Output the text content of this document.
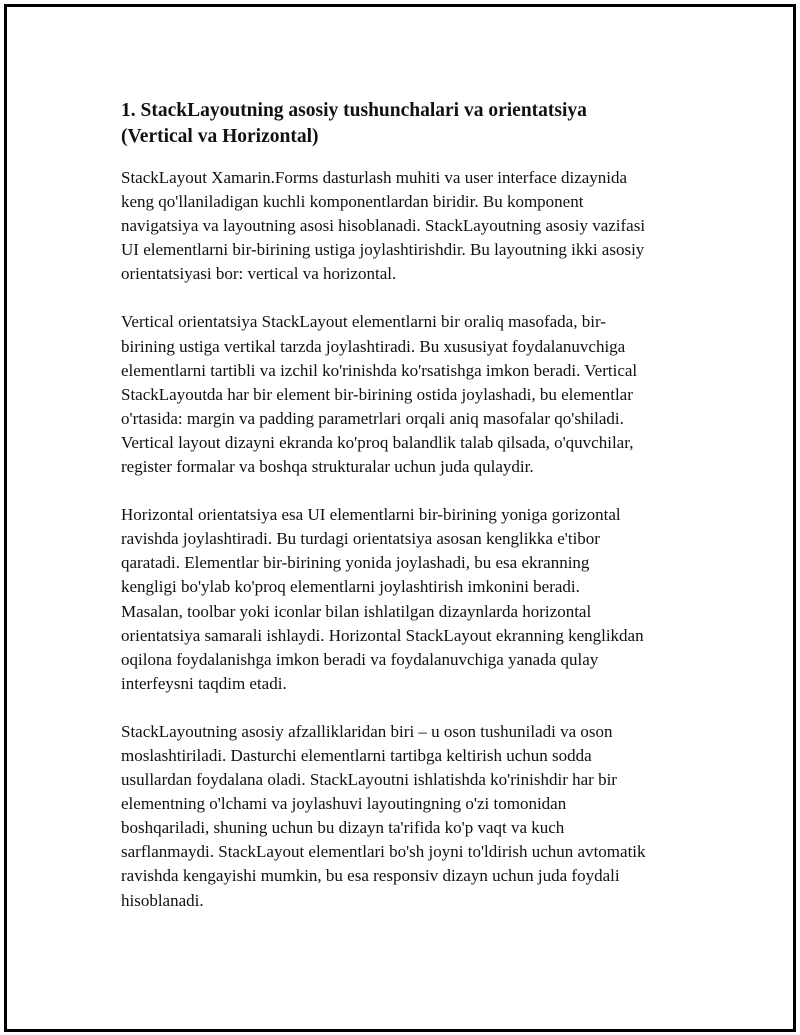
1. StackLayoutning asosiy tushunchalari va orientatsiya
(Vertical va Horizontal)

StackLayout Xamarin.Forms dasturlash muhiti va user interface dizaynida
keng qo'llaniladigan kuchli komponentlardan biridir. Bu komponent
navigatsiya va layoutning asosi hisoblanadi. StackLayoutning asosiy vazifasi
UI elementlarni bir-birining ustiga joylashtirishdir. Bu layoutning ikki asosiy
orientatsiyasi bor: vertical va horizontal.

Vertical orientatsiya StackLayout elementlarni bir oraliq masofada, bir-
birining ustiga vertikal tarzda joylashtiradi. Bu xususiyat foydalanuvchiga
elementlarni tartibli va izchil ko'rinishda ko'rsatishga imkon beradi. Vertical
StackLayoutda har bir element bir-birining ostida joylashadi, bu elementlar
o'rtasida: margin va padding parametrlari orqali aniq masofalar qo'shiladi.
Vertical layout dizayni ekranda ko'proq balandlik talab qilsada, o'quvchilar,
register formalar va boshqa strukturalar uchun juda qulaydir.

Horizontal orientatsiya esa UI elementlarni bir-birining yoniga gorizontal
ravishda joylashtiradi. Bu turdagi orientatsiya asosan kenglikka e'tibor
qaratadi. Elementlar bir-birining yonida joylashadi, bu esa ekranning
kengligi bo'ylab ko'proq elementlarni joylashtirish imkonini beradi.
Masalan, toolbar yoki iconlar bilan ishlatilgan dizaynlarda horizontal
orientatsiya samarali ishlaydi. Horizontal StackLayout ekranning kenglikdan
oqilona foydalanishga imkon beradi va foydalanuvchiga yanada qulay
interfeysni taqdim etadi.

StackLayoutning asosiy afzalliklaridan biri – u oson tushuniladi va oson
moslashtiriladi. Dasturchi elementlarni tartibga keltirish uchun sodda
usullardan foydalana oladi. StackLayoutni ishlatishda ko'rinishdir har bir
elementning o'lchami va joylashuvi layoutingning o'zi tomonidan
boshqariladi, shuning uchun bu dizayn ta'rifida ko'p vaqt va kuch
sarflanmaydi. StackLayout elementlari bo'sh joyni to'ldirish uchun avtomatik
ravishda kengayishi mumkin, bu esa responsiv dizayn uchun juda foydali
hisoblanadi.
